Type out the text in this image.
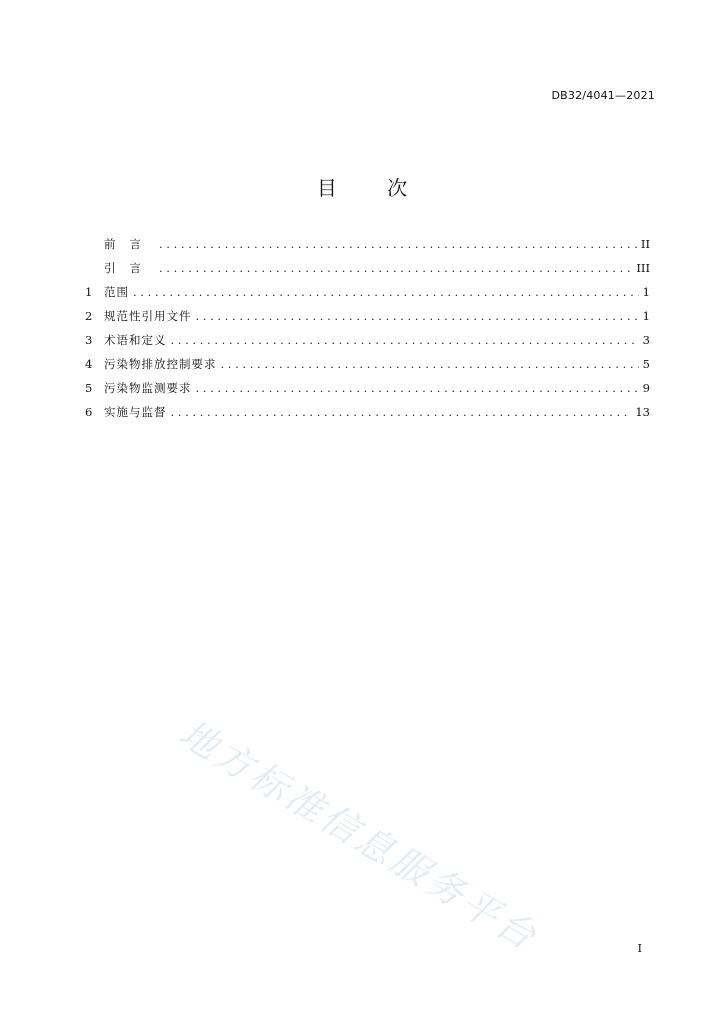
DB32/4041—2021
目 次
前言 . . .	II
引言 . . .	III
1	范围 . . .	1
2	规范性引用文件 . . .	1
3	术语和定义 . . .	3
4	污染物排放控制要求 . . .	5
5	污染物监测要求 . . .	9
6	实施与监督 . . .	13
地方标准信息服务平台	I
